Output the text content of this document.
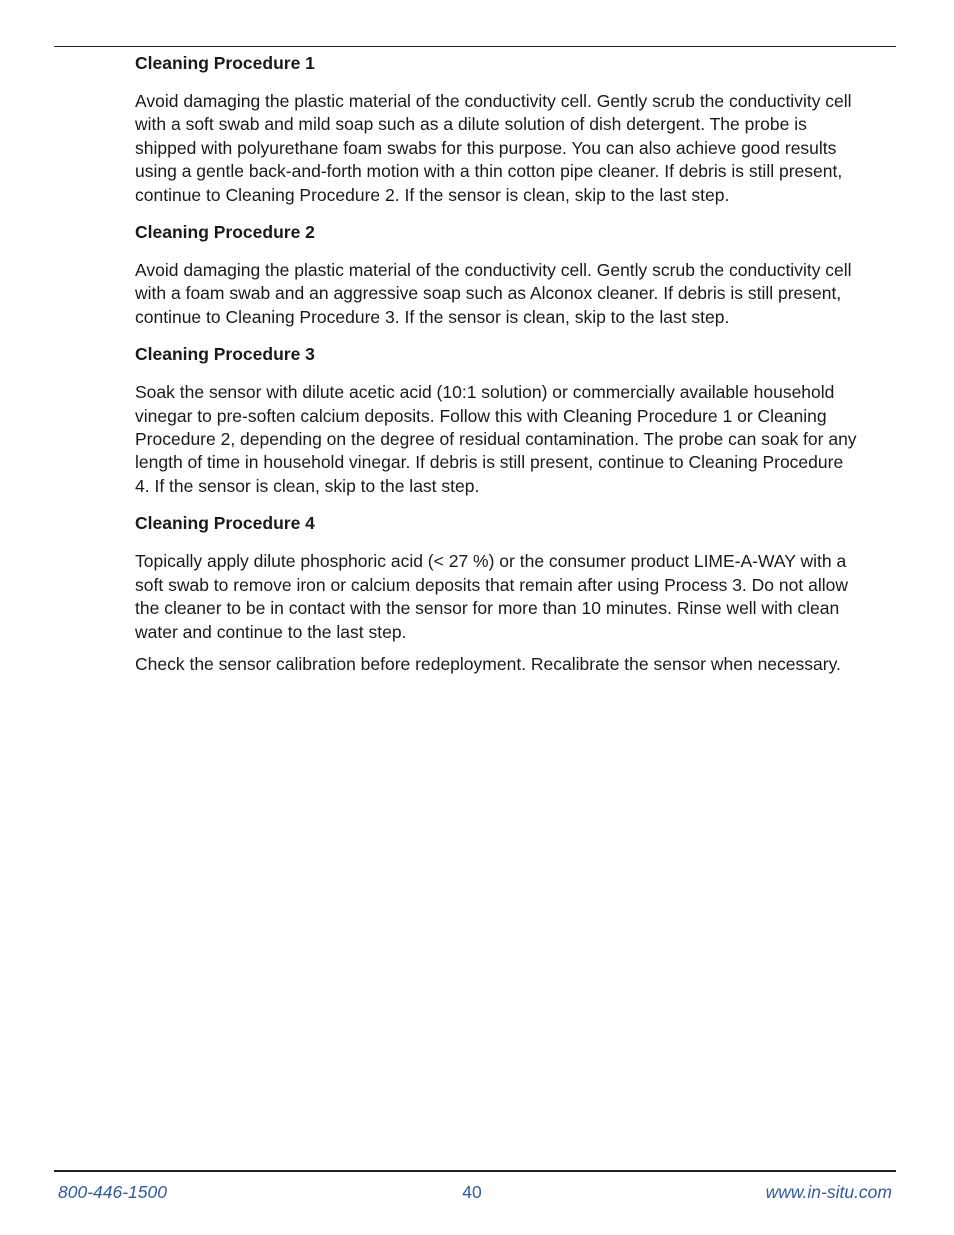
Cleaning Procedure 1

Avoid damaging the plastic material of the conductivity cell. Gently scrub the conductivity cell with a soft swab and mild soap such as a dilute solution of dish detergent. The probe is shipped with polyurethane foam swabs for this purpose. You can also achieve good results using a gentle back-and-forth motion with a thin cotton pipe cleaner. If debris is still present, continue to Cleaning Procedure 2. If the sensor is clean, skip to the last step.

Cleaning Procedure 2

Avoid damaging the plastic material of the conductivity cell. Gently scrub the conductivity cell with a foam swab and an aggressive soap such as Alconox cleaner. If debris is still present, continue to Cleaning Procedure 3. If the sensor is clean, skip to the last step.

Cleaning Procedure 3

Soak the sensor with dilute acetic acid (10:1 solution) or commercially available household vinegar to pre-soften calcium deposits. Follow this with Cleaning Procedure 1 or Cleaning Procedure 2, depending on the degree of residual contamination. The probe can soak for any length of time in household vinegar. If debris is still present, continue to Cleaning Procedure 4. If the sensor is clean, skip to the last step.

Cleaning Procedure 4

Topically apply dilute phosphoric acid (< 27 %) or the consumer product LIME-A-WAY with a soft swab to remove iron or calcium deposits that remain after using Process 3. Do not allow the cleaner to be in contact with the sensor for more than 10 minutes. Rinse well with clean water and continue to the last step.

Check the sensor calibration before redeployment. Recalibrate the sensor when necessary.

800-446-1500	40	www.in-situ.com
